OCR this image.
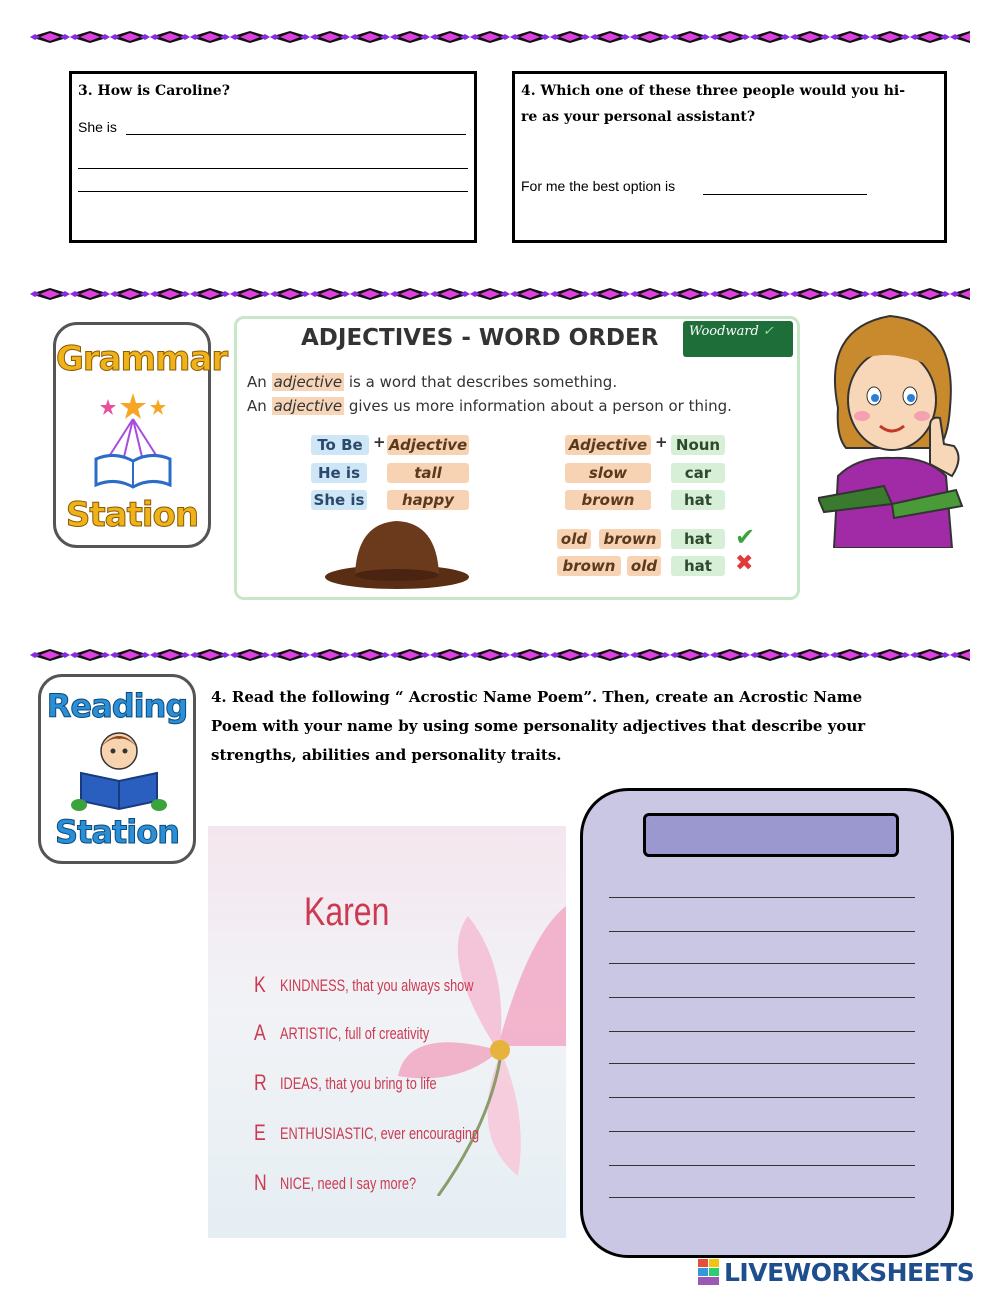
3. How is Caroline?
She is
4. Which one of these three people would you hi-
re as your personal assistant?
For me the best option is
Grammar
Station
ADJECTIVES - WORD ORDER	Woodward ✓
An adjective is a word that describes something.
An adjective gives us more information about a person or thing.
To Be + Adjective
He is	tall
She is	happy
Adjective + Noun
slow	car
brown	hat
old	brown	hat ✔
brown	old	hat	✖
Reading
Station
4. Read the following “ Acrostic Name Poem”. Then, create an Acrostic Name
Poem with your name by using some personality adjectives that describe your
strengths, abilities and personality traits.
Karen
K KINDNESS, that you always show
A ARTISTIC, full of creativity
R IDEAS, that you bring to life
E ENTHUSIASTIC, ever encouraging
N NICE, need I say more?
LIVEWORKSHEETS
